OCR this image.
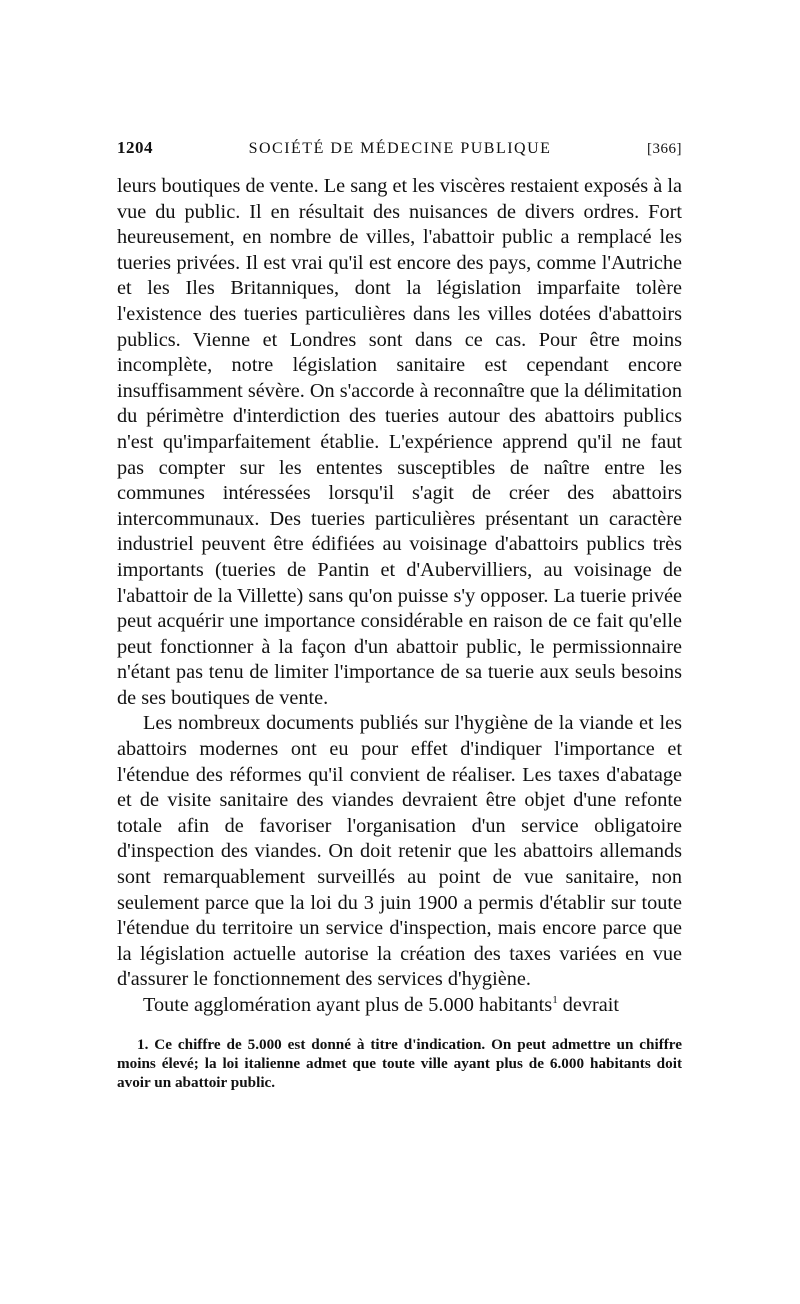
1204	SOCIÉTÉ DE MÉDECINE PUBLIQUE	[366]

leurs boutiques de vente. Le sang et les viscères restaient exposés à la vue du public. Il en résultait des nuisances de divers ordres. Fort heureusement, en nombre de villes, l'abattoir public a remplacé les tueries privées. Il est vrai qu'il est encore des pays, comme l'Autriche et les Iles Britanniques, dont la législation imparfaite tolère l'existence des tueries particulières dans les villes dotées d'abattoirs publics. Vienne et Londres sont dans ce cas. Pour être moins incomplète, notre législation sanitaire est cependant encore insuffisamment sévère. On s'accorde à reconnaître que la délimitation du périmètre d'interdiction des tueries autour des abattoirs publics n'est qu'imparfaitement établie. L'expérience apprend qu'il ne faut pas compter sur les ententes susceptibles de naître entre les communes intéressées lorsqu'il s'agit de créer des abattoirs intercommunaux. Des tueries particulières présentant un caractère industriel peuvent être édifiées au voisinage d'abattoirs publics très importants (tueries de Pantin et d'Aubervilliers, au voisinage de l'abattoir de la Villette) sans qu'on puisse s'y opposer. La tuerie privée peut acquérir une importance considérable en raison de ce fait qu'elle peut fonctionner à la façon d'un abattoir public, le permissionnaire n'étant pas tenu de limiter l'importance de sa tuerie aux seuls besoins de ses boutiques de vente.

Les nombreux documents publiés sur l'hygiène de la viande et les abattoirs modernes ont eu pour effet d'indiquer l'importance et l'étendue des réformes qu'il convient de réaliser. Les taxes d'abatage et de visite sanitaire des viandes devraient être objet d'une refonte totale afin de favoriser l'organisation d'un service obligatoire d'inspection des viandes. On doit retenir que les abattoirs allemands sont remarquablement surveillés au point de vue sanitaire, non seulement parce que la loi du 3 juin 1900 a permis d'établir sur toute l'étendue du territoire un service d'inspection, mais encore parce que la législation actuelle autorise la création des taxes variées en vue d'assurer le fonctionnement des services d'hygiène.

Toute agglomération ayant plus de 5.000 habitants$^1$ devrait

1. Ce chiffre de 5.000 est donné à titre d'indication. On peut admettre un chiffre moins élevé; la loi italienne admet que toute ville ayant plus de 6.000 habitants doit avoir un abattoir public.
